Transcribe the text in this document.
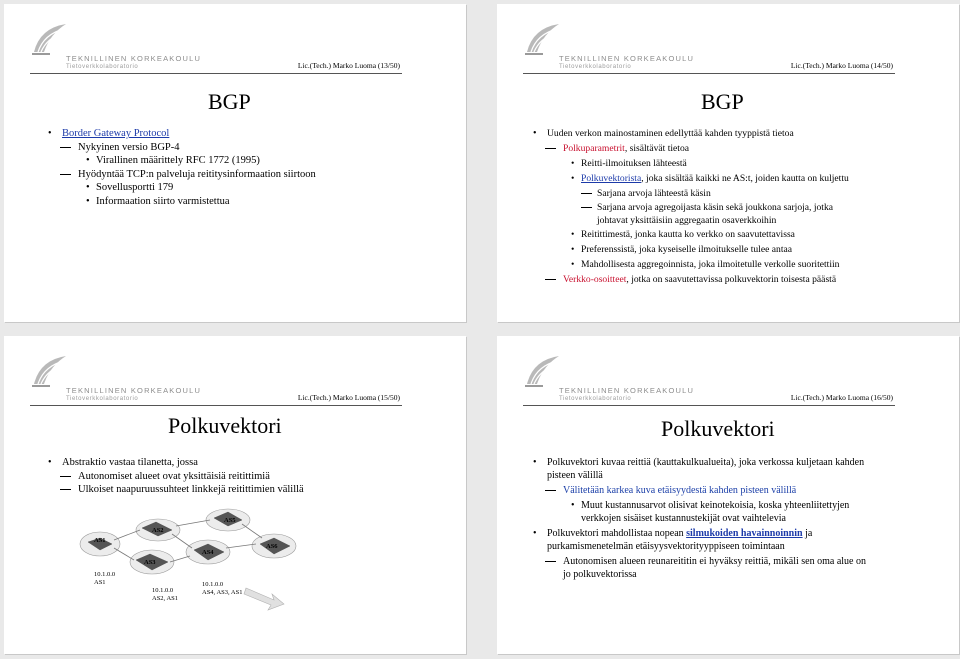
TEKNILLINEN KORKEAKOULU
Tietoverkkolaboratorio	Lic.(Tech.) Marko Luoma (13/50)
BGP
• Border Gateway Protocol
Nykyinen versio BGP-4
• Virallinen määrittely RFC 1772 (1995)
Hyödyntää TCP:n palveluja reititysinformaation siirtoon
• Sovellusportti 179
• Informaation siirto varmistettua
TEKNILLINEN KORKEAKOULU
Tietoverkkolaboratorio	Lic.(Tech.) Marko Luoma (14/50)
BGP
• Uuden verkon mainostaminen edellyttää kahden tyyppistä tietoa
Polkuparametrit, sisältävät tietoa
• Reitti-ilmoituksen lähteestä
• Polkuvektorista, joka sisältää kaikki ne AS:t, joiden kautta on kuljettu
Sarjana arvoja lähteestä käsin
Sarjana arvoja agregoijasta käsin sekä joukkona sarjoja, jotka
johtavat yksittäisiin aggregaatin osaverkkoihin
• Reitittimestä, jonka kautta ko verkko on saavutettavissa
• Preferenssistä, joka kyseiselle ilmoitukselle tulee antaa
• Mahdollisesta aggregoinnista, joka ilmoitetulle verkolle suoritettiin
Verkko-osoitteet, jotka on saavutettavissa polkuvektorin toisesta päästä
TEKNILLINEN KORKEAKOULU
Tietoverkkolaboratorio	Lic.(Tech.) Marko Luoma (15/50)
Polkuvektori
• Abstraktio vastaa tilanetta, jossa
Autonomiset alueet ovat yksittäisiä reitittimiä
Ulkoiset naapuruussuhteet linkkejä reitittimien välillä
AS1
AS2
AS3
AS4
AS5
AS6
10.1.0.0
AS1
10.1.0.0
AS2, AS1
10.1.0.0
AS4, AS3, AS1
TEKNILLINEN KORKEAKOULU
Tietoverkkolaboratorio	Lic.(Tech.) Marko Luoma (16/50)
Polkuvektori
• Polkuvektori kuvaa reittiä (kauttakulkualueita), joka verkossa kuljetaan kahden
pisteen välillä
Välitetään karkea kuva etäisyydestä kahden pisteen välillä
• Muut kustannusarvot olisivat keinotekoisia, koska yhteenliitettyjen
verkkojen sisäiset kustannustekijät ovat vaihtelevia
• Polkuvektori mahdollistaa nopean silmukoiden havainnoinnin ja
purkamismenetelmän etäisyysvektorityyppiseen toimintaan
Autonomisen alueen reunareititin ei hyväksy reittiä, mikäli sen oma alue on
jo polkuvektorissa
